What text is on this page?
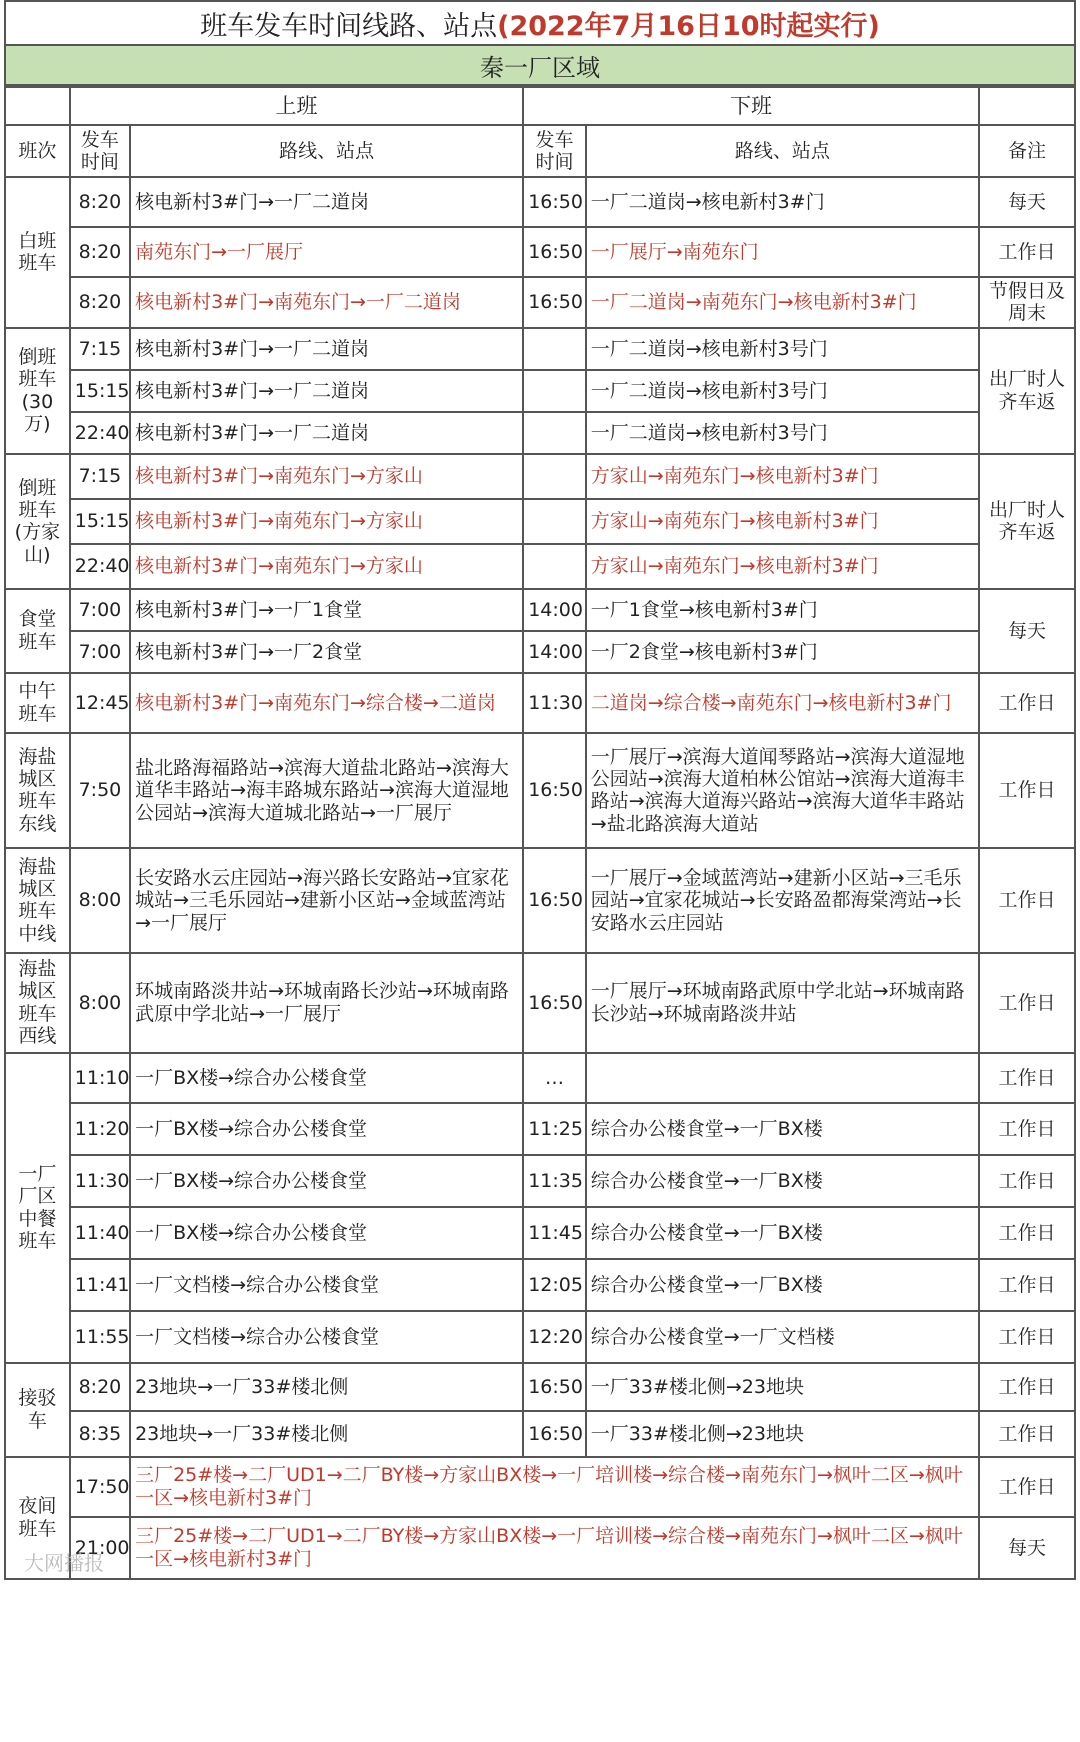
班车发车时间线路、站点 (2022年7月16日10时起实行)
秦一厂区域
	上班		下班		
班次	发车时间	路线、站点	发车时间	路线、站点	备注
白班班车	8:20	核电新村3#门→一厂二道岗	16:50	一厂二道岗→核电新村3#门	每天
	8:20	南苑东门→一厂展厅	16:50	一厂展厅→南苑东门	工作日
	8:20	核电新村3#门→南苑东门→一厂二道岗	16:50	一厂二道岗→南苑东门→核电新村3#门	节假日及周末
倒班班车(30万)	7:15	核电新村3#门→一厂二道岗		一厂二道岗→核电新村3号门	出厂时人齐车返
	15:15	核电新村3#门→一厂二道岗		一厂二道岗→核电新村3号门	
	22:40	核电新村3#门→一厂二道岗		一厂二道岗→核电新村3号门	
倒班班车(方家山)	7:15	核电新村3#门→南苑东门→方家山		方家山→南苑东门→核电新村3#门	出厂时人齐车返
	15:15	核电新村3#门→南苑东门→方家山		方家山→南苑东门→核电新村3#门	
	22:40	核电新村3#门→南苑东门→方家山		方家山→南苑东门→核电新村3#门	
食堂班车	7:00	核电新村3#门→一厂1食堂	14:00	一厂1食堂→核电新村3#门	每天
	7:00	核电新村3#门→一厂2食堂	14:00	一厂2食堂→核电新村3#门	
中午班车	12:45	核电新村3#门→南苑东门→综合楼→二道岗	11:30	二道岗→综合楼→南苑东门→核电新村3#门	工作日
海盐城区班车东线	7:50	盐北路海福路站→滨海大道盐北路站→滨海大道华丰路站→海丰路城东路站→滨海大道湿地公园站→滨海大道城北路站→一厂展厅	16:50	一厂展厅→滨海大道闻琴路站→滨海大道湿地公园站→滨海大道柏林公馆站→滨海大道海丰路站→滨海大道海兴路站→滨海大道华丰路站→盐北路滨海大道站	工作日
海盐城区班车中线	8:00	长安路水云庄园站→海兴路长安路站→宜家花城站→三毛乐园站→建新小区站→金域蓝湾站→一厂展厅	16:50	一厂展厅→金域蓝湾站→建新小区站→三毛乐园站→宜家花城站→长安路盈都海棠湾站→长安路水云庄园站	工作日
海盐城区班车西线	8:00	环城南路淡井站→环城南路长沙站→环城南路武原中学北站→一厂展厅	16:50	一厂展厅→环城南路武原中学北站→环城南路长沙站→环城南路淡井站	工作日
一厂厂区中餐班车	11:10	一厂BX楼→综合办公楼食堂	…		工作日
	11:20	一厂BX楼→综合办公楼食堂	11:25	综合办公楼食堂→一厂BX楼	工作日
	11:30	一厂BX楼→综合办公楼食堂	11:35	综合办公楼食堂→一厂BX楼	工作日
	11:40	一厂BX楼→综合办公楼食堂	11:45	综合办公楼食堂→一厂BX楼	工作日
	11:41	一厂文档楼→综合办公楼食堂	12:05	综合办公楼食堂→一厂BX楼	工作日
	11:55	一厂文档楼→综合办公楼食堂	12:20	综合办公楼食堂→一厂文档楼	工作日
接驳车	8:20	23地块→一厂33#楼北侧	16:50	一厂33#楼北侧→23地块	工作日
	8:35	23地块→一厂33#楼北侧	16:50	一厂33#楼北侧→23地块	工作日
夜间班车	17:50	三厂25#楼→二厂UD1→二厂BY楼→方家山BX楼→一厂培训楼→综合楼→南苑东门→枫叶二区→枫叶一区→核电新村3#门			工作日
	21:00	三厂25#楼→二厂UD1→二厂BY楼→方家山BX楼→一厂培训楼→综合楼→南苑东门→枫叶二区→枫叶一区→核电新村3#门			每天
大网播报
